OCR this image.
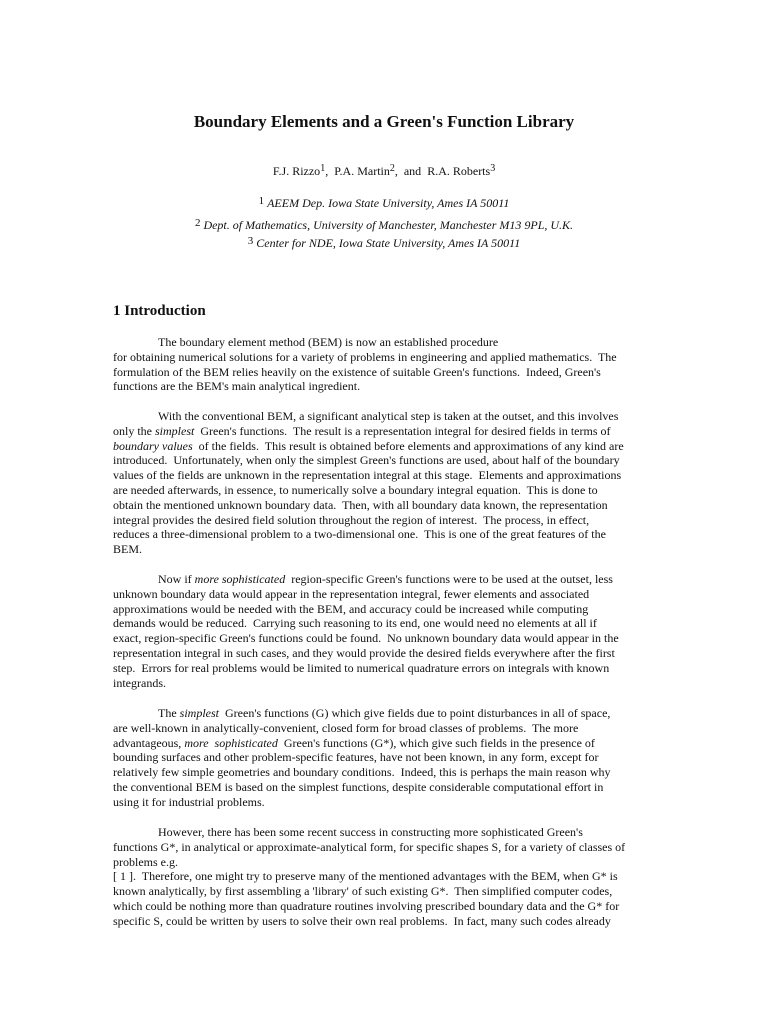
Boundary Elements and a Green's Function Library
F.J. Rizzo$^1$,  P.A. Martin$^2$,  and  R.A. Roberts$^3$
1 AEEM Dep. Iowa State University, Ames IA 50011
2 Dept. of Mathematics, University of Manchester, Manchester M13 9PL, U.K.
3 Center for NDE, Iowa State University, Ames IA 50011
1 Introduction
The boundary element method (BEM) is now an established procedure
for obtaining numerical solutions for a variety of problems in engineering and applied mathematics.  The
formulation of the BEM relies heavily on the existence of suitable Green's functions.  Indeed, Green's
functions are the BEM's main analytical ingredient.
With the conventional BEM, a significant analytical step is taken at the outset, and this involves
only the simplest  Green's functions.  The result is a representation integral for desired fields in terms of
boundary values  of the fields.  This result is obtained before elements and approximations of any kind are
introduced.  Unfortunately, when only the simplest Green's functions are used, about half of the boundary
values of the fields are unknown in the representation integral at this stage.  Elements and approximations
are needed afterwards, in essence, to numerically solve a boundary integral equation.  This is done to
obtain the mentioned unknown boundary data.  Then, with all boundary data known, the representation
integral provides the desired field solution throughout the region of interest.  The process, in effect,
reduces a three-dimensional problem to a two-dimensional one.  This is one of the great features of the
BEM.
Now if more sophisticated  region-specific Green's functions were to be used at the outset, less
unknown boundary data would appear in the representation integral, fewer elements and associated
approximations would be needed with the BEM, and accuracy could be increased while computing
demands would be reduced.  Carrying such reasoning to its end, one would need no elements at all if
exact, region-specific Green's functions could be found.  No unknown boundary data would appear in the
representation integral in such cases, and they would provide the desired fields everywhere after the first
step.  Errors for real problems would be limited to numerical quadrature errors on integrals with known
integrands.
The simplest  Green's functions (G) which give fields due to point disturbances in all of space,
are well-known in analytically-convenient, closed form for broad classes of problems.  The more
advantageous, more  sophisticated  Green's functions (G*), which give such fields in the presence of
bounding surfaces and other problem-specific features, have not been known, in any form, except for
relatively few simple geometries and boundary conditions.  Indeed, this is perhaps the main reason why
the conventional BEM is based on the simplest functions, despite considerable computational effort in
using it for industrial problems.
However, there has been some recent success in constructing more sophisticated Green's
functions G*, in analytical or approximate-analytical form, for specific shapes S, for a variety of classes of
problems e.g.
[ 1 ].  Therefore, one might try to preserve many of the mentioned advantages with the BEM, when G* is
known analytically, by first assembling a 'library' of such existing G*.  Then simplified computer codes,
which could be nothing more than quadrature routines involving prescribed boundary data and the G* for
specific S, could be written by users to solve their own real problems.  In fact, many such codes already
